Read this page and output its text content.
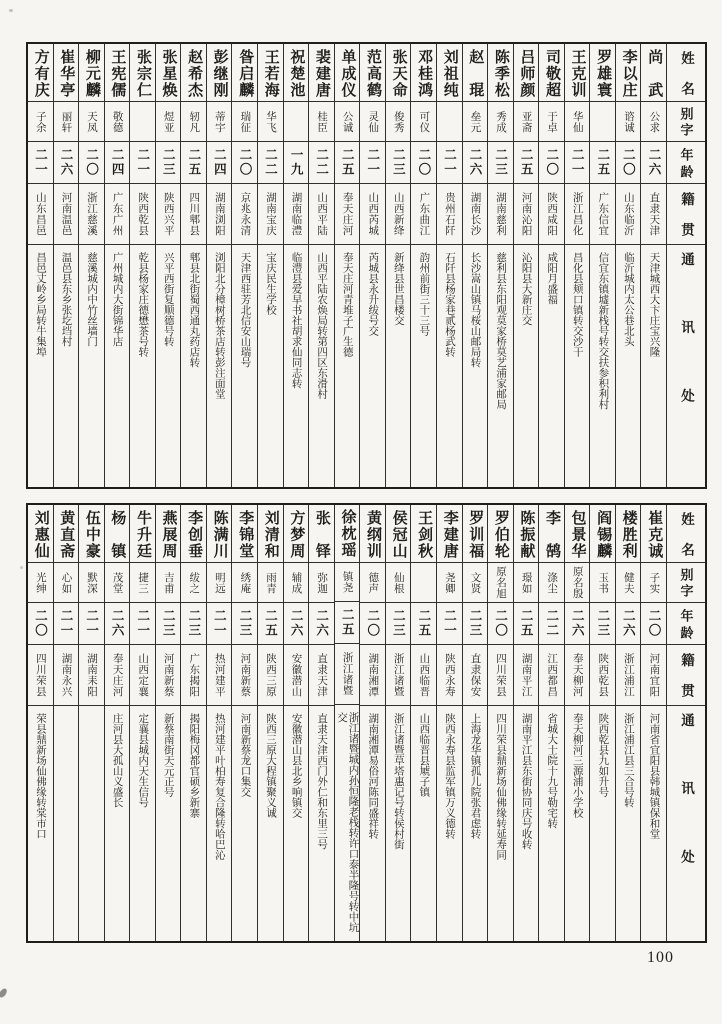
姓名
别字
年龄
籍贯
通讯处
尚武
公求
二六
直隶天津
天津城西大卞庄宝兴隆
李以庄
谘诚
二〇
山东临沂
临沂城内太公巷北头
罗雄寰
二五
广东信宜
信宜东镇墟新栈号转交扶参积利村
王克训
华仙
二一
浙江昌化
昌化县颊口镇转交沙干
司敬超
于卓
二〇
陕西咸阳
咸阳月盛福
吕师颜
亚斋
二五
河南沁阳
沁阳县大新庄交
陈季松
秀成
二三
湖南慈利
慈利县东阳观莫家桥莫艺浦家邮局
赵琨
垒元
二六
湖南长沙
长沙嵩山镇马桜山邮局转
刘祖纯
二一
贵州石阡
石阡县杨家巷贰杨武转
邓桂鸿
可仪
二〇
广东曲江
韵州前街三十三号
张天命
俊秀
二三
山西新绛
新绛县世昌楼交
范高鹤
灵仙
二一
山西芮城
芮城县永升绂号交
单成仪
公诚
二五
奉天庄河
奉天庄河青堆子广生德
裴建唐
桂臣
二二
山西平陆
山西平陆农焕局转第四区东滑村
祝楚池
一九
湖南临澧
临澧县爱早书社胡求仙同志转
王若海
华飞
二二
湖南宝庆
宝庆民生学校
昝启麟
瑞征
二〇
京兆永清
天津西驻芳北信安山瑞号
彭继刚
蒂宇
二四
湖南浏阳
浏阳北分樟树桥茶店转彭注面堂
赵希杰
轫凡
二五
四川郫县
郫县北街蜀西通丸药店转
张星焕
煜亚
二三
陕西兴平
兴平西街复顺德号转
张宗仁
二一
陕西乾县
乾县杨家庄德懋茶号转
王宪儒
敬德
二四
广东广州
广州城内大街锦华店
柳元麟
天凤
二〇
浙江慈溪
慈溪城内中竹丝墙门
崔华亭
丽轩
二六
河南温邑
温邑县东乡张圪垱村
方有庆
子余
二一
山东昌邑
昌邑丈岭乡局转牛集埠
姓名
别字
年龄
籍贯
通讯处
崔克诚
子实
二〇
河南宜阳
河南省宜阳县韩城镇保和堂
楼胜利
健夫
二六
浙江浦江
浙江浦江县三合号转
阎锡麟
玉书
二三
陕西乾县
陕西乾县九如升号
包景华
原名殷
二六
奉天柳河
奉天柳河三源浦小学校
李鹄
涤尘
二二
江西都昌
省城大士院十九号勒宅转
陈振献
璟如
二五
湖南平江
湖南平江县东街协同庆号收转
罗伯轮
原名旭
二〇
四川荣县
四川荣县鼎新场仙佛缘转延寿同
罗训福
文贤
二三
直隶保安
上海龙华镇孤儿院张君虑转
李建唐
尧卿
二一
陕西永寿
陕西永寿县监军镇万义德转
王剑秋
二五
山西临晋
山西临晋县虓子镇
侯冠山
仙根
二三
浙江诸暨
浙江诸暨草塔惠记号转侯村街
黄纲训
德声
二〇
湖南湘潭
湖南湘潭易俗河陈同盛祥转
徐枕瑶
镇尧
二五
浙江诸暨
浙江诸暨城内孙恒隆老栈转许口泰半隆号转中坑交
张铎
弥迦
二六
直隶天津
直隶天津西门外仁和东里三号
方梦周
辅成
二六
安徽潜山
安徽潜山县北乡响镇交
刘清和
雨青
二五
陕西三原
陕西三原大程镇聚义诚
李锦堂
绣庵
二三
河南新蔡
河南新蔡龙口集交
陈满川
明远
二一
热河建平
热河建平叶柏寿复合隆转哈巴沁
李创垂
绂之
二三
广东揭阳
揭阳梅冈都官硕乡新寨
燕展周
吉甫
二三
河南新蔡
新蔡南街天元正号
牛升廷
捷三
二一
山西定襄
定襄县城内天生信号
杨镇
茂堂
二六
奉天庄河
庄河县大孤山义盛长
伍中豪
默深
二一
湖南耒阳
黄直斋
心如
二一
湖南永兴
刘惠仙
光绅
二〇
四川荣县
荣县鼎新场仙佛缘转棠市口
100
